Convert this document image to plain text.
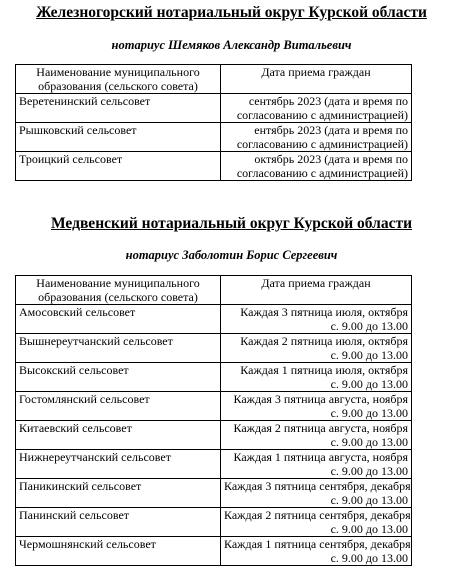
Железногорский нотариальный округ Курской области
нотариус Шемяков Александр Витальевич
Наименование муниципального образования (сельского совета)	Дата приема граждан
Веретенинский сельсовет	сентябрь 2023 (дата и время по
согласованию с администрацией)

Рышковский сельсовет	ентябрь 2023 (дата и время по
согласованию с администрацией)

Троицкий сельсовет	октябрь 2023 (дата и время по
согласованию с администрацией)
Медвенский нотариальный округ Курской области
нотариус Заболотин Борис Сергеевич
Наименование муниципального образования (сельского совета)	Дата приема граждан
Амосовский сельсовет	Каждая 3 пятница июля, октября
с. 9.00 до 13.00

Вышнереутчанский сельсовет	Каждая 2 пятница июля, октября
с. 9.00 до 13.00

Высокский сельсовет	Каждая 1 пятница июля, октября
с. 9.00 до 13.00

Гостомлянский сельсовет	Каждая 3 пятница августа, ноября
с. 9.00 до 13.00

Китаевский сельсовет	Каждая 2 пятница августа, ноября
с. 9.00 до 13.00

Нижнереутчанский сельсовет	Каждая 1 пятница августа, ноября
с. 9.00 до 13.00

Паникинский сельсовет	Каждая 3 пятница сентября, декабря
с. 9.00 до 13.00

Панинский сельсовет	Каждая 2 пятница сентября, декабря
с. 9.00 до 13.00

Чермошнянский сельсовет	Каждая 1 пятница сентября, декабря
с. 9.00 до 13.00
